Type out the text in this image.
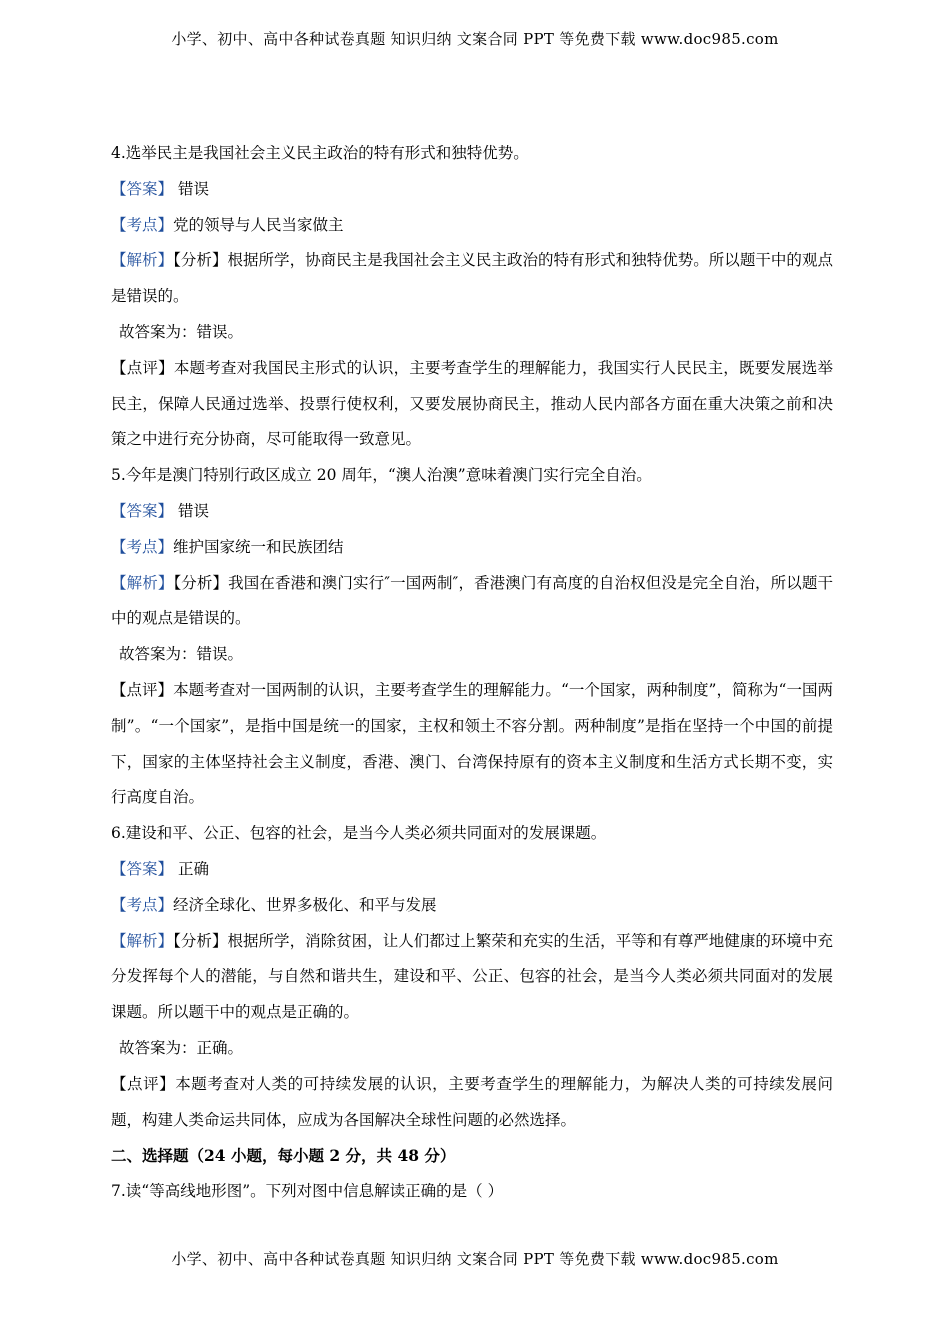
小学、初中、高中各种试卷真题 知识归纳 文案合同 PPT 等免费下载 www.doc985.com

4.选举民主是我国社会主义民主政治的特有形式和独特优势。

【答案】 错误

【考点】党的领导与人民当家做主

【解析】【分析】根据所学，协商民主是我国社会主义民主政治的特有形式和独特优势。所以题干中的观点是错误的。

故答案为：错误。

【点评】本题考查对我国民主形式的认识，主要考查学生的理解能力，我国实行人民民主，既要发展选举民主，保障人民通过选举、投票行使权利，又要发展协商民主，推动人民内部各方面在重大决策之前和决策之中进行充分协商，尽可能取得一致意见。

5.今年是澳门特别行政区成立 20 周年，“澳人治澳”意味着澳门实行完全自治。

【答案】 错误

【考点】维护国家统一和民族团结

【解析】【分析】我国在香港和澳门实行″一国两制″，香港澳门有高度的自治权但没是完全自治，所以题干中的观点是错误的。

故答案为：错误。

【点评】本题考查对一国两制的认识，主要考查学生的理解能力。“一个国家，两种制度”，简称为“一国两制”。“一个国家”，是指中国是统一的国家，主权和领土不容分割。两种制度”是指在坚持一个中国的前提下，国家的主体坚持社会主义制度，香港、澳门、台湾保持原有的资本主义制度和生活方式长期不变，实行高度自治。

6.建设和平、公正、包容的社会，是当今人类必须共同面对的发展课题。

【答案】 正确

【考点】经济全球化、世界多极化、和平与发展

【解析】【分析】根据所学，消除贫困，让人们都过上繁荣和充实的生活，平等和有尊严地健康的环境中充分发挥每个人的潜能，与自然和谐共生，建设和平、公正、包容的社会，是当今人类必须共同面对的发展课题。所以题干中的观点是正确的。

故答案为：正确。

【点评】本题考查对人类的可持续发展的认识，主要考查学生的理解能力，为解决人类的可持续发展问题，构建人类命运共同体，应成为各国解决全球性问题的必然选择。

二、选择题（24 小题，每小题 2 分，共 48 分）

7.读“等高线地形图”。下列对图中信息解读正确的是（ ）

小学、初中、高中各种试卷真题 知识归纳 文案合同 PPT 等免费下载 www.doc985.com
